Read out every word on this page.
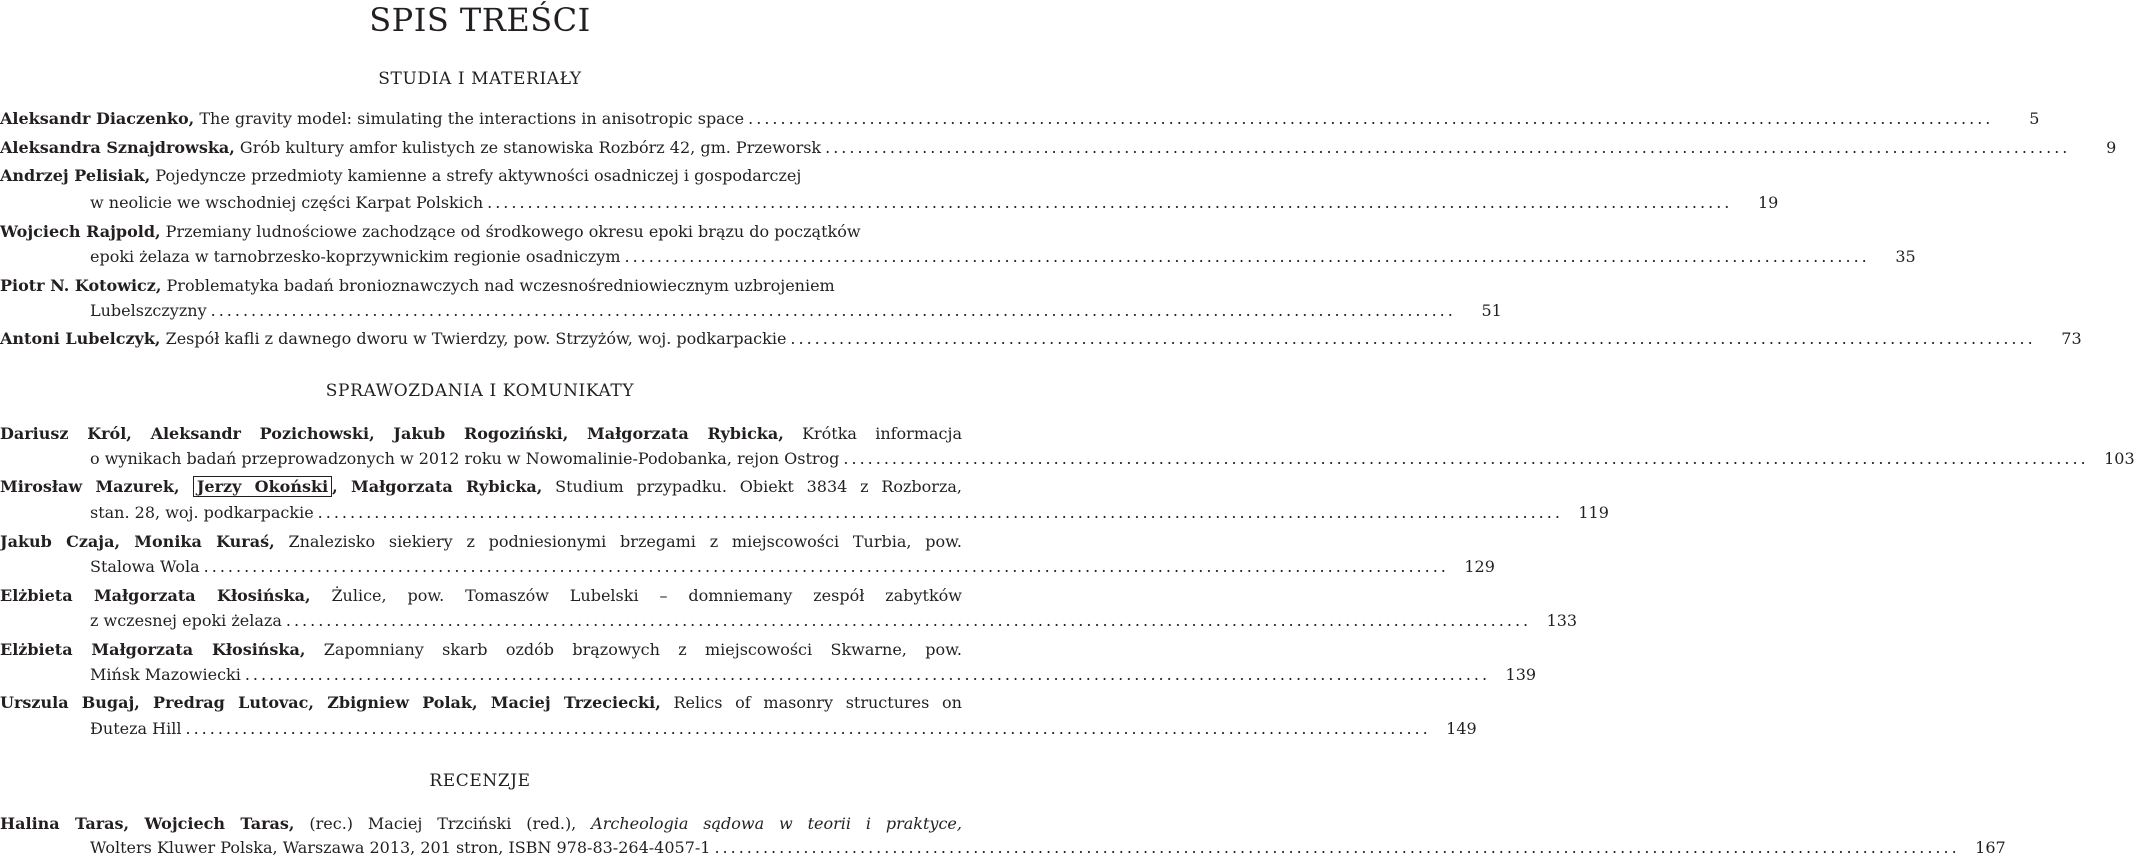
SPIS TREŚCI
STUDIA I MATERIAŁY
Aleksandr Diaczenko, The gravity model: simulating the interactions in anisotropic space ..........................................................................................................................................................	5
Aleksandra Sznajdrowska, Grób kultury amfor kulistych ze stanowiska Rozbórz 42, gm. Przeworsk ..........................................................................................................................................................	9
Andrzej Pelisiak, Pojedyncze przedmioty kamienne a strefy aktywności osadniczej i gospodarczej
w neolicie we wschodniej części Karpat Polskich ..........................................................................................................................................................	19
Wojciech Rajpold, Przemiany ludnościowe zachodzące od środkowego okresu epoki brązu do początków
epoki żelaza w tarnobrzesko-koprzywnickim regionie osadniczym ..........................................................................................................................................................	35
Piotr N. Kotowicz, Problematyka badań bronioznawczych nad wczesnośredniowiecznym uzbrojeniem
Lubelszczyzny ..........................................................................................................................................................	51
Antoni Lubelczyk, Zespół kafli z dawnego dworu w Twierdzy, pow. Strzyżów, woj. podkarpackie ..........................................................................................................................................................	73
SPRAWOZDANIA I KOMUNIKATY
Dariusz Król, Aleksandr Pozichowski, Jakub Rogoziński, Małgorzata Rybicka, Krótka informacja
o wynikach badań przeprowadzonych w 2012 roku w Nowomalinie-Podobanka, rejon Ostrog .......................................................................................................................................................... 103
Mirosław Mazurek, Jerzy Okoński , Małgorzata Rybicka, Studium przypadku. Obiekt 3834 z Rozborza,
stan. 28, woj. podkarpackie .......................................................................................................................................................... 119
Jakub Czaja, Monika Kuraś, Znalezisko siekiery z podniesionymi brzegami z miejscowości Turbia, pow.
Stalowa Wola .......................................................................................................................................................... 129
Elżbieta Małgorzata Kłosińska, Żulice, pow. Tomaszów Lubelski – domniemany zespół zabytków
z wczesnej epoki żelaza .......................................................................................................................................................... 133
Elżbieta Małgorzata Kłosińska, Zapomniany skarb ozdób brązowych z miejscowości Skwarne, pow.
Mińsk Mazowiecki .......................................................................................................................................................... 139
Urszula Bugaj, Predrag Lutovac, Zbigniew Polak, Maciej Trzeciecki, Relics of masonry structures on
Ðuteza Hill .......................................................................................................................................................... 149
RECENZJE
Halina Taras, Wojciech Taras, (rec.) Maciej Trzciński (red.), Archeologia sądowa w teorii i praktyce,
Wolters Kluwer Polska, Warszawa 2013, 201 stron, ISBN 978-83-264-4057-1 .......................................................................................................................................................... 167
